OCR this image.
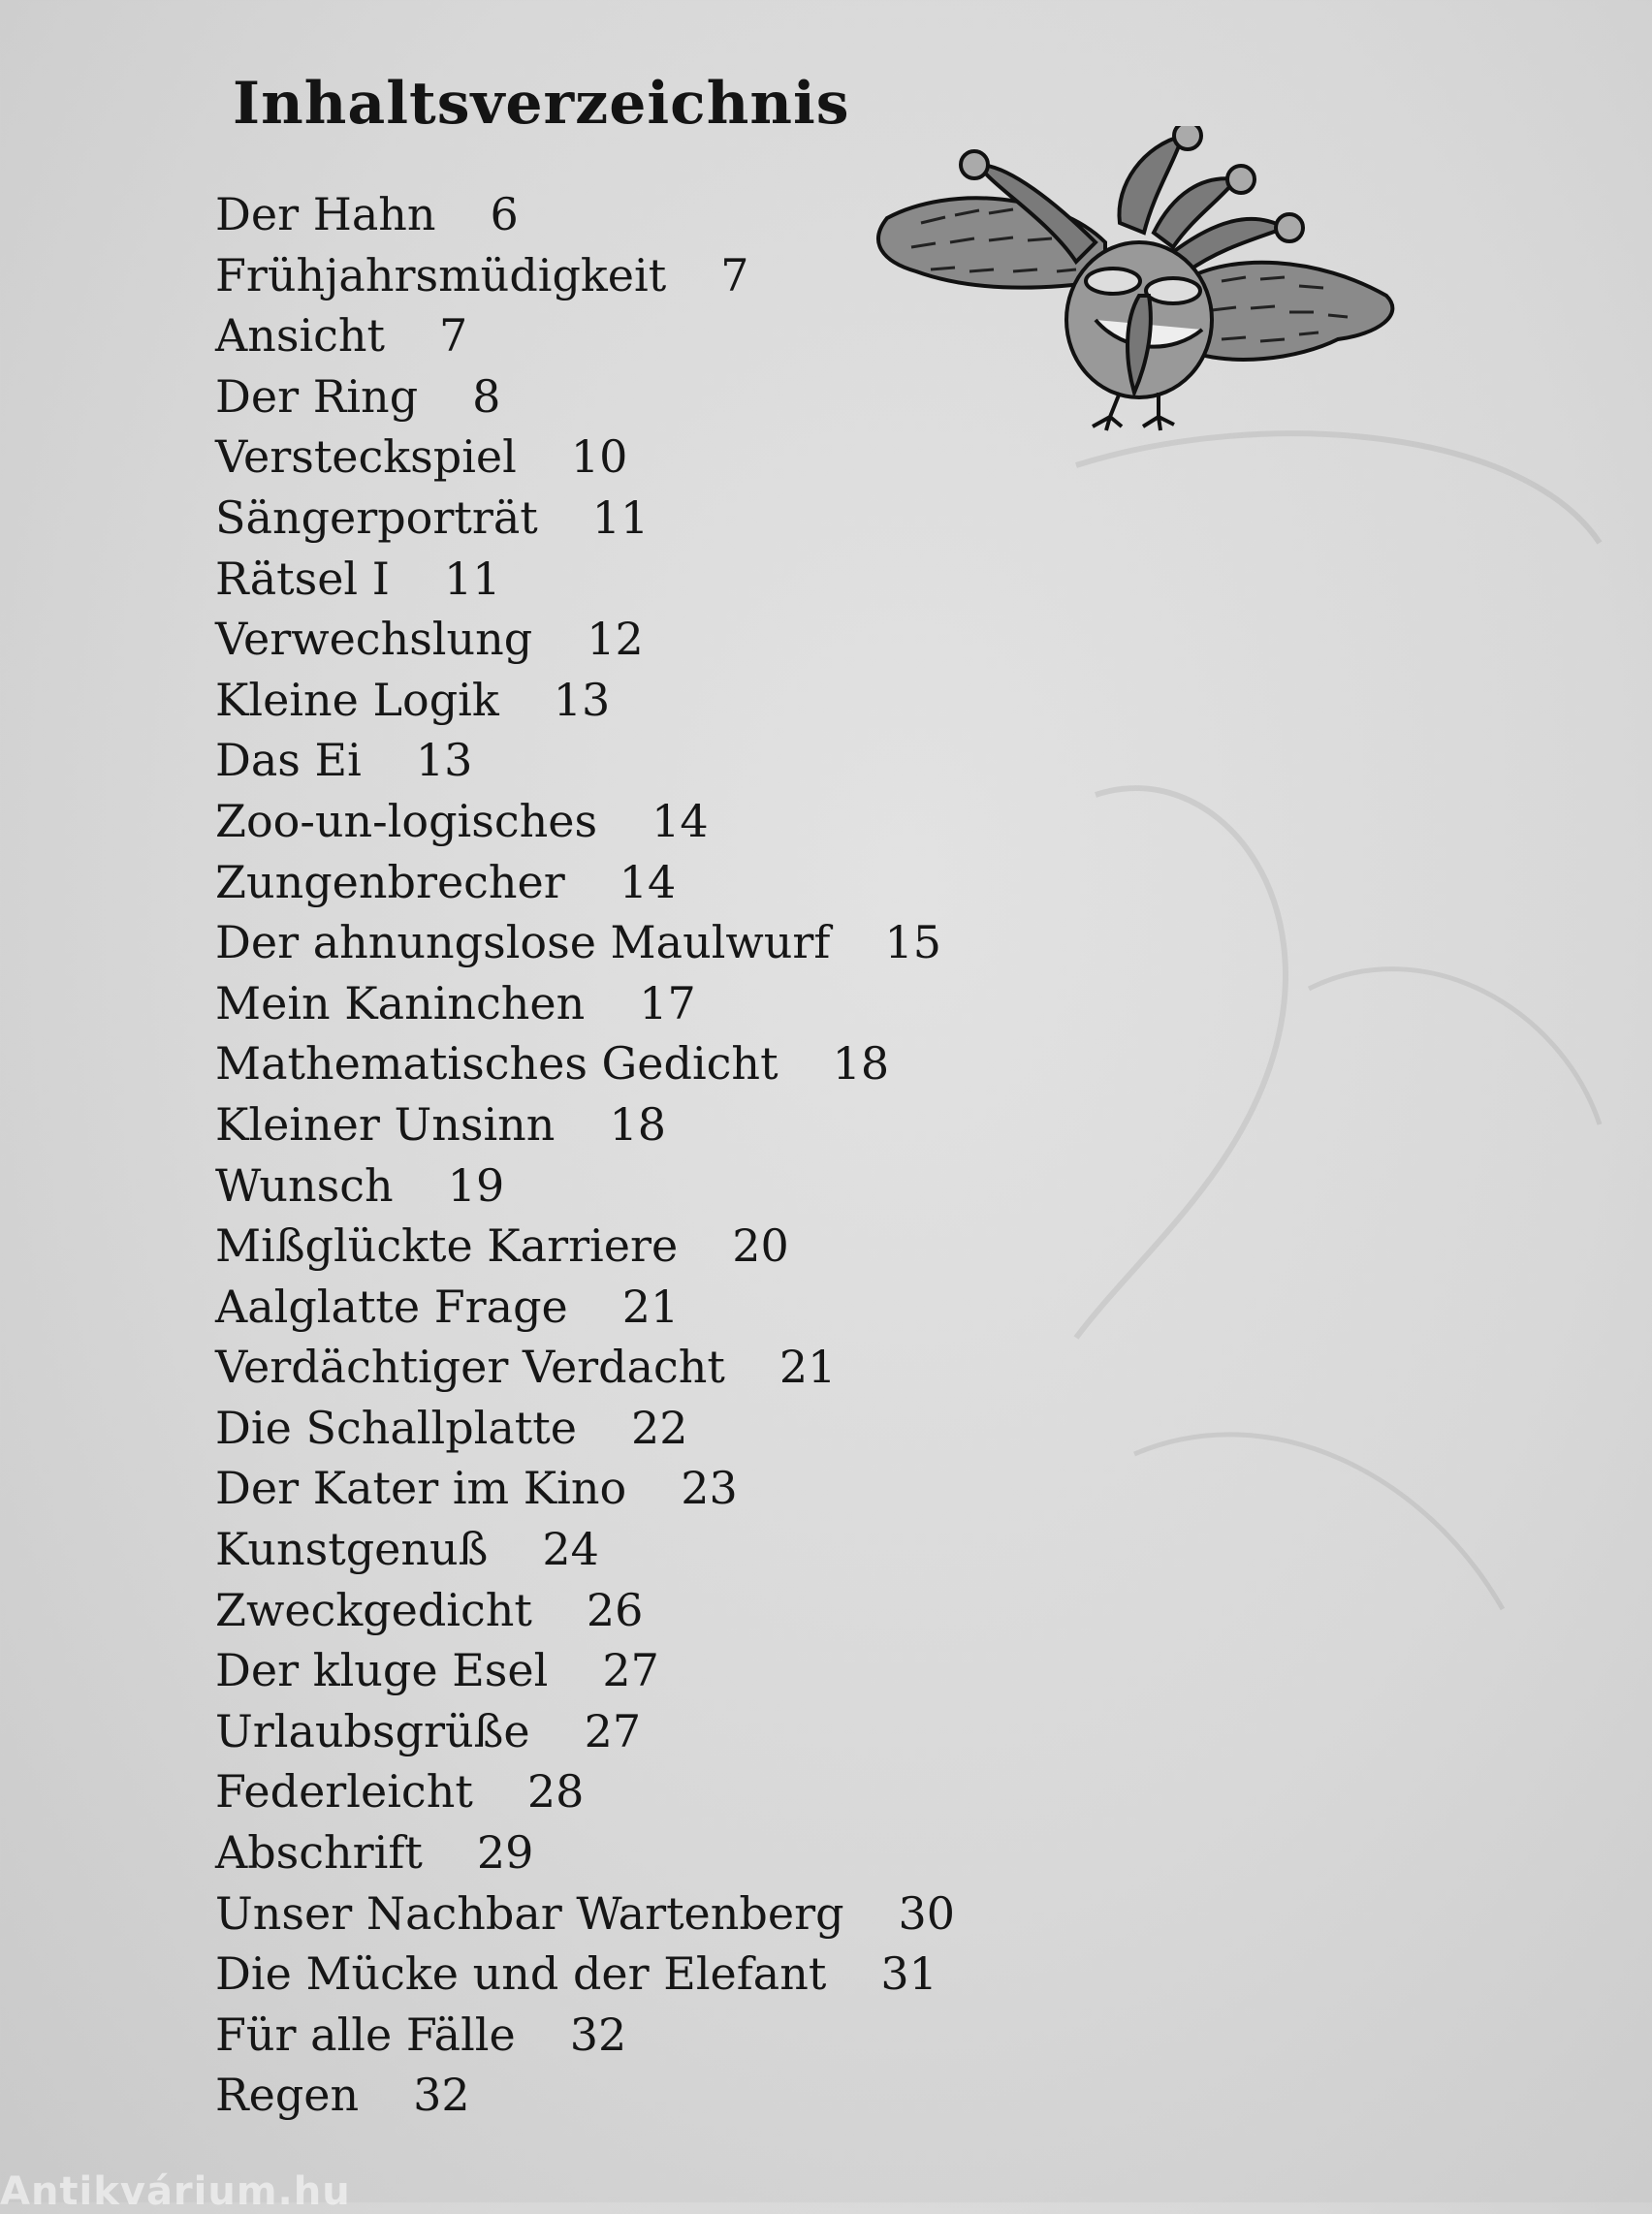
Inhaltsverzeichnis
Der Hahn 6
Frühjahrsmüdigkeit 7
Ansicht 7
Der Ring 8
Versteckspiel 10
Sängerporträt 11
Rätsel I 11
Verwechslung 12
Kleine Logik 13
Das Ei 13
Zoo-un-logisches 14
Zungenbrecher 14
Der ahnungslose Maulwurf 15
Mein Kaninchen 17
Mathematisches Gedicht 18
Kleiner Unsinn 18
Wunsch 19
Mißglückte Karriere 20
Aalglatte Frage 21
Verdächtiger Verdacht 21
Die Schallplatte 22
Der Kater im Kino 23
Kunstgenuß 24
Zweckgedicht 26
Der kluge Esel 27
Urlaubsgrüße 27
Federleicht 28
Abschrift 29
Unser Nachbar Wartenberg 30
Die Mücke und der Elefant 31
Für alle Fälle 32
Regen 32
Antikvárium.hu
